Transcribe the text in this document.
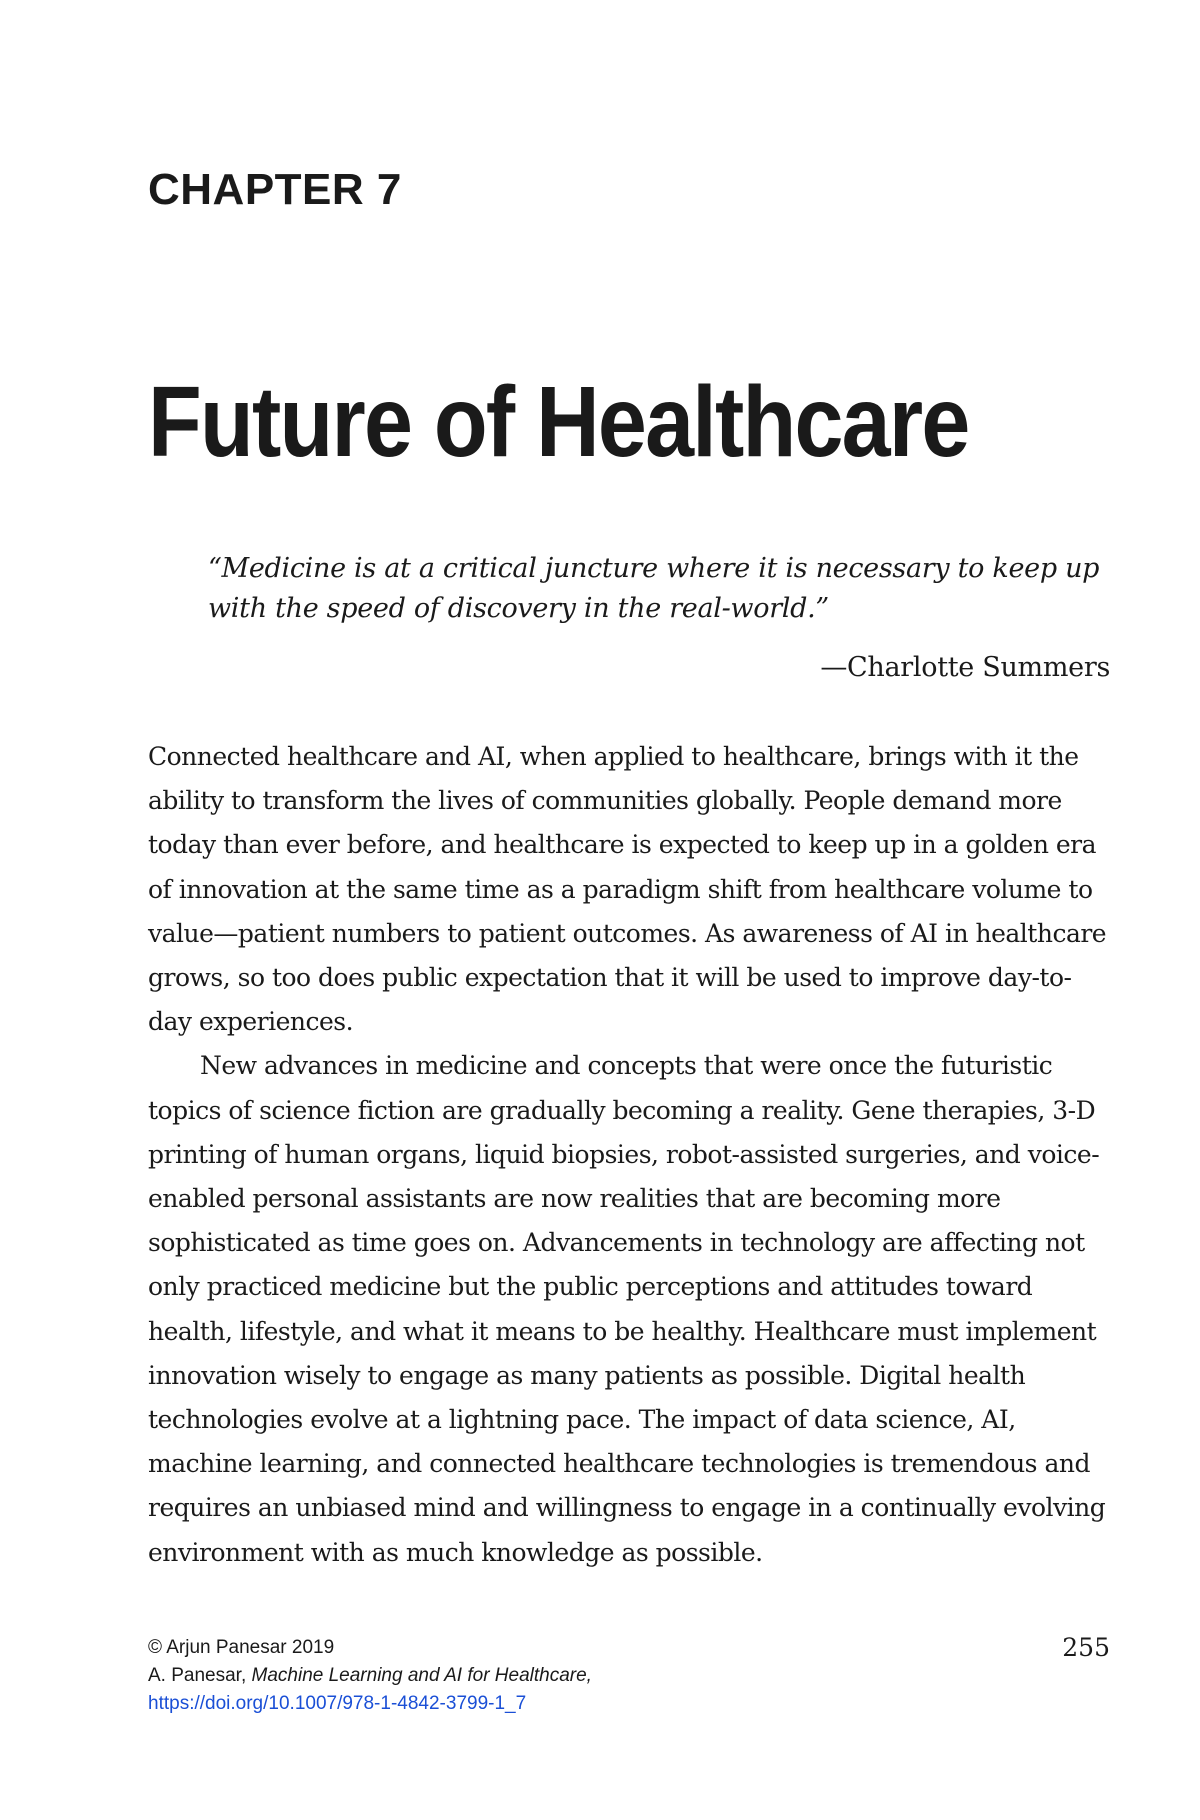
CHAPTER 7
Future of Healthcare

“Medicine is at a critical juncture where it is necessary to keep up with the speed of discovery in the real-world.”

—Charlotte Summers

Connected healthcare and AI, when applied to healthcare, brings with it the ability to transform the lives of communities globally. People demand more today than ever before, and healthcare is expected to keep up in a golden era of innovation at the same time as a paradigm shift from healthcare volume to value—patient numbers to patient outcomes. As awareness of AI in healthcare grows, so too does public expectation that it will be used to improve day-to-day experiences.

New advances in medicine and concepts that were once the futuristic topics of science fiction are gradually becoming a reality. Gene therapies, 3-D printing of human organs, liquid biopsies, robot-assisted surgeries, and voice-enabled personal assistants are now realities that are becoming more sophisticated as time goes on. Advancements in technology are affecting not only practiced medicine but the public perceptions and attitudes toward health, lifestyle, and what it means to be healthy. Healthcare must implement innovation wisely to engage as many patients as possible. Digital health technologies evolve at a lightning pace. The impact of data science, AI, machine learning, and connected healthcare technologies is tremendous and requires an unbiased mind and willingness to engage in a continually evolving environment with as much knowledge as possible.

© Arjun Panesar 2019
A. Panesar, Machine Learning and AI for Healthcare,
https://doi.org/10.1007/978-1-4842-3799-1_7

255
